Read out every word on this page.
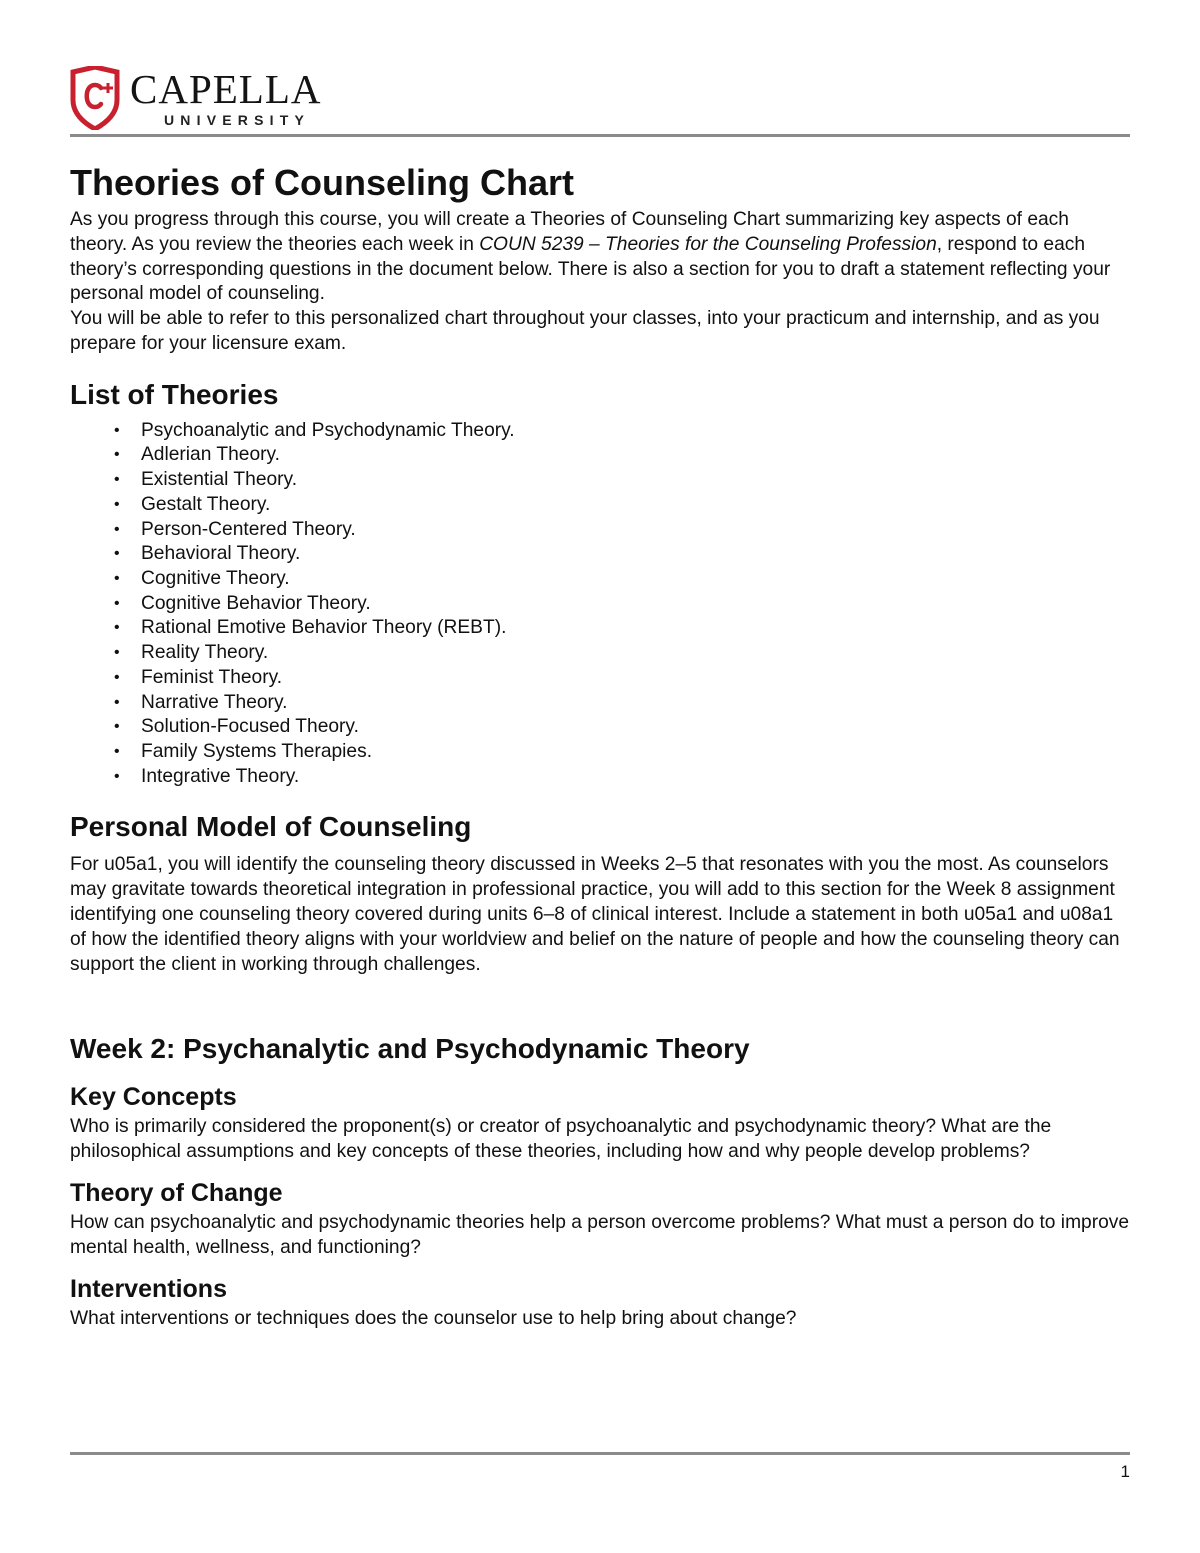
CAPELLA
UNIVERSITY
Theories of Counseling Chart

As you progress through this course, you will create a Theories of Counseling Chart summarizing key aspects of each theory. As you review the theories each week in COUN 5239 – Theories for the Counseling Profession, respond to each theory’s corresponding questions in the document below. There is also a section for you to draft a statement reflecting your personal model of counseling.

You will be able to refer to this personalized chart throughout your classes, into your practicum and internship, and as you prepare for your licensure exam.

List of Theories
• Psychoanalytic and Psychodynamic Theory.
• Adlerian Theory.
• Existential Theory.
• Gestalt Theory.
• Person-Centered Theory.
• Behavioral Theory.
• Cognitive Theory.
• Cognitive Behavior Theory.
• Rational Emotive Behavior Theory (REBT).
• Reality Theory.
• Feminist Theory.
• Narrative Theory.
• Solution-Focused Theory.
• Family Systems Therapies.
• Integrative Theory.
Personal Model of Counseling

For u05a1, you will identify the counseling theory discussed in Weeks 2–5 that resonates with you the most. As counselors may gravitate towards theoretical integration in professional practice, you will add to this section for the Week 8 assignment identifying one counseling theory covered during units 6–8 of clinical interest. Include a statement in both u05a1 and u08a1 of how the identified theory aligns with your worldview and belief on the nature of people and how the counseling theory can support the client in working through challenges.

Week 2: Psychanalytic and Psychodynamic Theory
Key Concepts

Who is primarily considered the proponent(s) or creator of psychoanalytic and psychodynamic theory? What are the philosophical assumptions and key concepts of these theories, including how and why people develop problems?

Theory of Change

How can psychoanalytic and psychodynamic theories help a person overcome problems? What must a person do to improve mental health, wellness, and functioning?

Interventions

What interventions or techniques does the counselor use to help bring about change?

1
